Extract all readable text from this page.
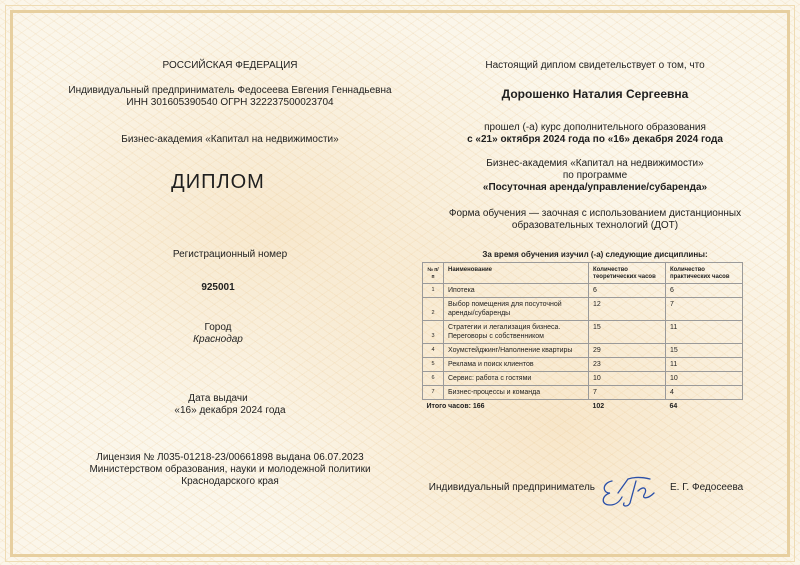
РОССИЙСКАЯ ФЕДЕРАЦИЯ
Индивидуальный предприниматель Федосеева Евгения Геннадьевна
ИНН 301605390540 ОГРН 322237500023704
Бизнес-академия «Капитал на недвижимости»
ДИПЛОМ
Регистрационный номер
925001
Город
Краснодар
Дата выдачи
«16» декабря 2024 года
Лицензия № Л035-01218-23/00661898 выдана 06.07.2023
Министерством образования, науки и молодежной политики
Краснодарского края
Настоящий диплом свидетельствует о том, что
Дорошенко Наталия Сергеевна
прошел (-а) курс дополнительного образования
с «21» октября 2024 года по «16» декабря 2024 года
Бизнес-академия «Капитал на недвижимости»
по программе
«Посуточная аренда/управление/субаренда»
Форма обучения — заочная с использованием дистанционных
образовательных технологий (ДОТ)
За время обучения изучил (-а) следующие дисциплины:
№ п/п	Наименование	Количество теоретических часов	Количество практических часов
1	Ипотека	6	6
2	Выбор помещения для посуточной аренды/субаренды	12	7
3	Стратегии и легализация бизнеса. Переговоры с собственником	15	11
4	Хоумстейджинг/Наполнение квартиры	29	15
5	Реклама и поиск клиентов	23	11
6	Сервис: работа с гостями	10	10
7	Бизнес-процессы и команда	7	4
Итого часов: 166		102	64
Индивидуальный предприниматель	Е. Г. Федосеева
